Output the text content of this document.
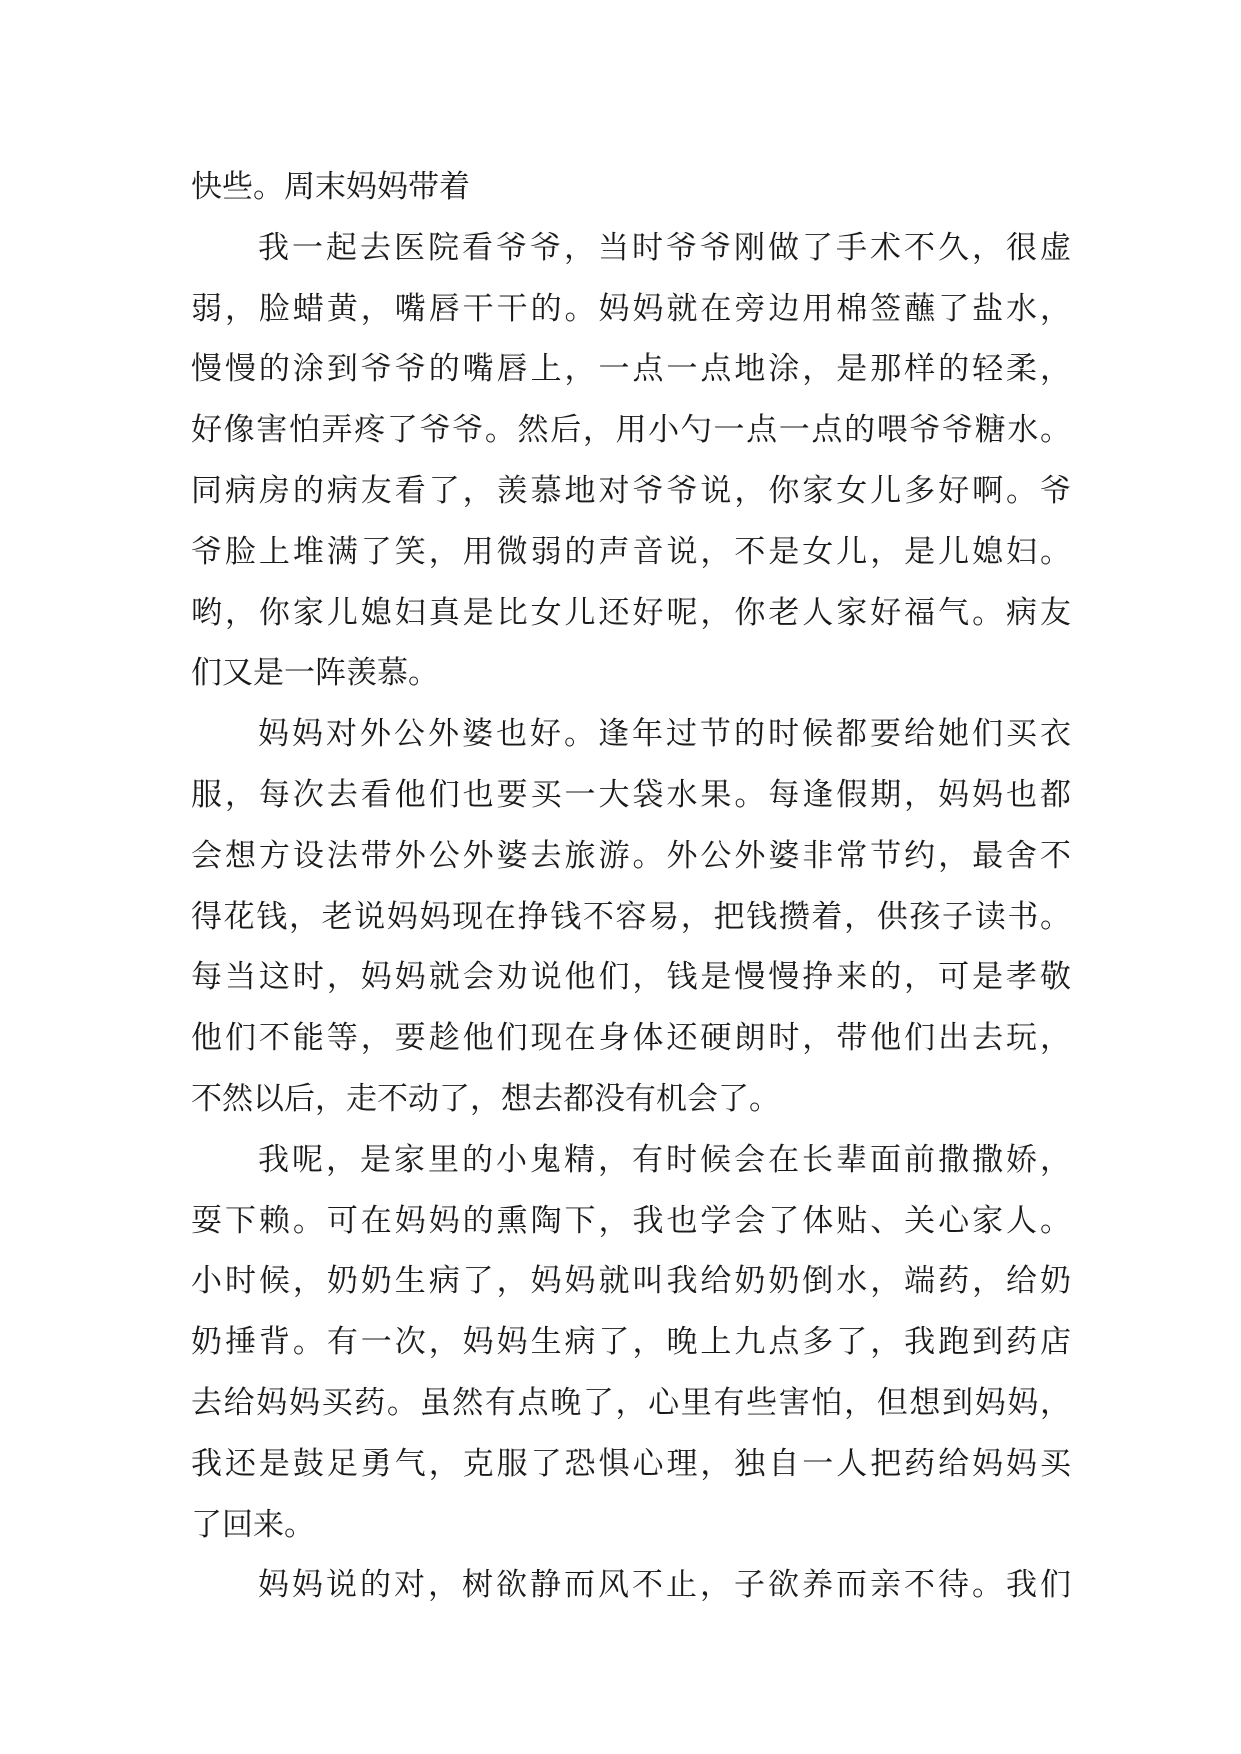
快些。周末妈妈带着
我一起去医院看爷爷，当时爷爷刚做了手术不久，很虚
弱，脸蜡黄，嘴唇干干的。妈妈就在旁边用棉签蘸了盐水，
慢慢的涂到爷爷的嘴唇上，一点一点地涂，是那样的轻柔，
好像害怕弄疼了爷爷。然后，用小勺一点一点的喂爷爷糖水。
同病房的病友看了，羡慕地对爷爷说，你家女儿多好啊。爷
爷脸上堆满了笑，用微弱的声音说，不是女儿，是儿媳妇。
哟，你家儿媳妇真是比女儿还好呢，你老人家好福气。病友
们又是一阵羡慕。
妈妈对外公外婆也好。逢年过节的时候都要给她们买衣
服，每次去看他们也要买一大袋水果。每逢假期，妈妈也都
会想方设法带外公外婆去旅游。外公外婆非常节约，最舍不
得花钱，老说妈妈现在挣钱不容易，把钱攒着，供孩子读书。
每当这时，妈妈就会劝说他们，钱是慢慢挣来的，可是孝敬
他们不能等，要趁他们现在身体还硬朗时，带他们出去玩，
不然以后，走不动了，想去都没有机会了。
我呢，是家里的小鬼精，有时候会在长辈面前撒撒娇，
耍下赖。可在妈妈的熏陶下，我也学会了体贴、关心家人。
小时候，奶奶生病了，妈妈就叫我给奶奶倒水，端药，给奶
奶捶背。有一次，妈妈生病了，晚上九点多了，我跑到药店
去给妈妈买药。虽然有点晚了，心里有些害怕，但想到妈妈，
我还是鼓足勇气，克服了恐惧心理，独自一人把药给妈妈买
了回来。
妈妈说的对，树欲静而风不止，子欲养而亲不待。我们
